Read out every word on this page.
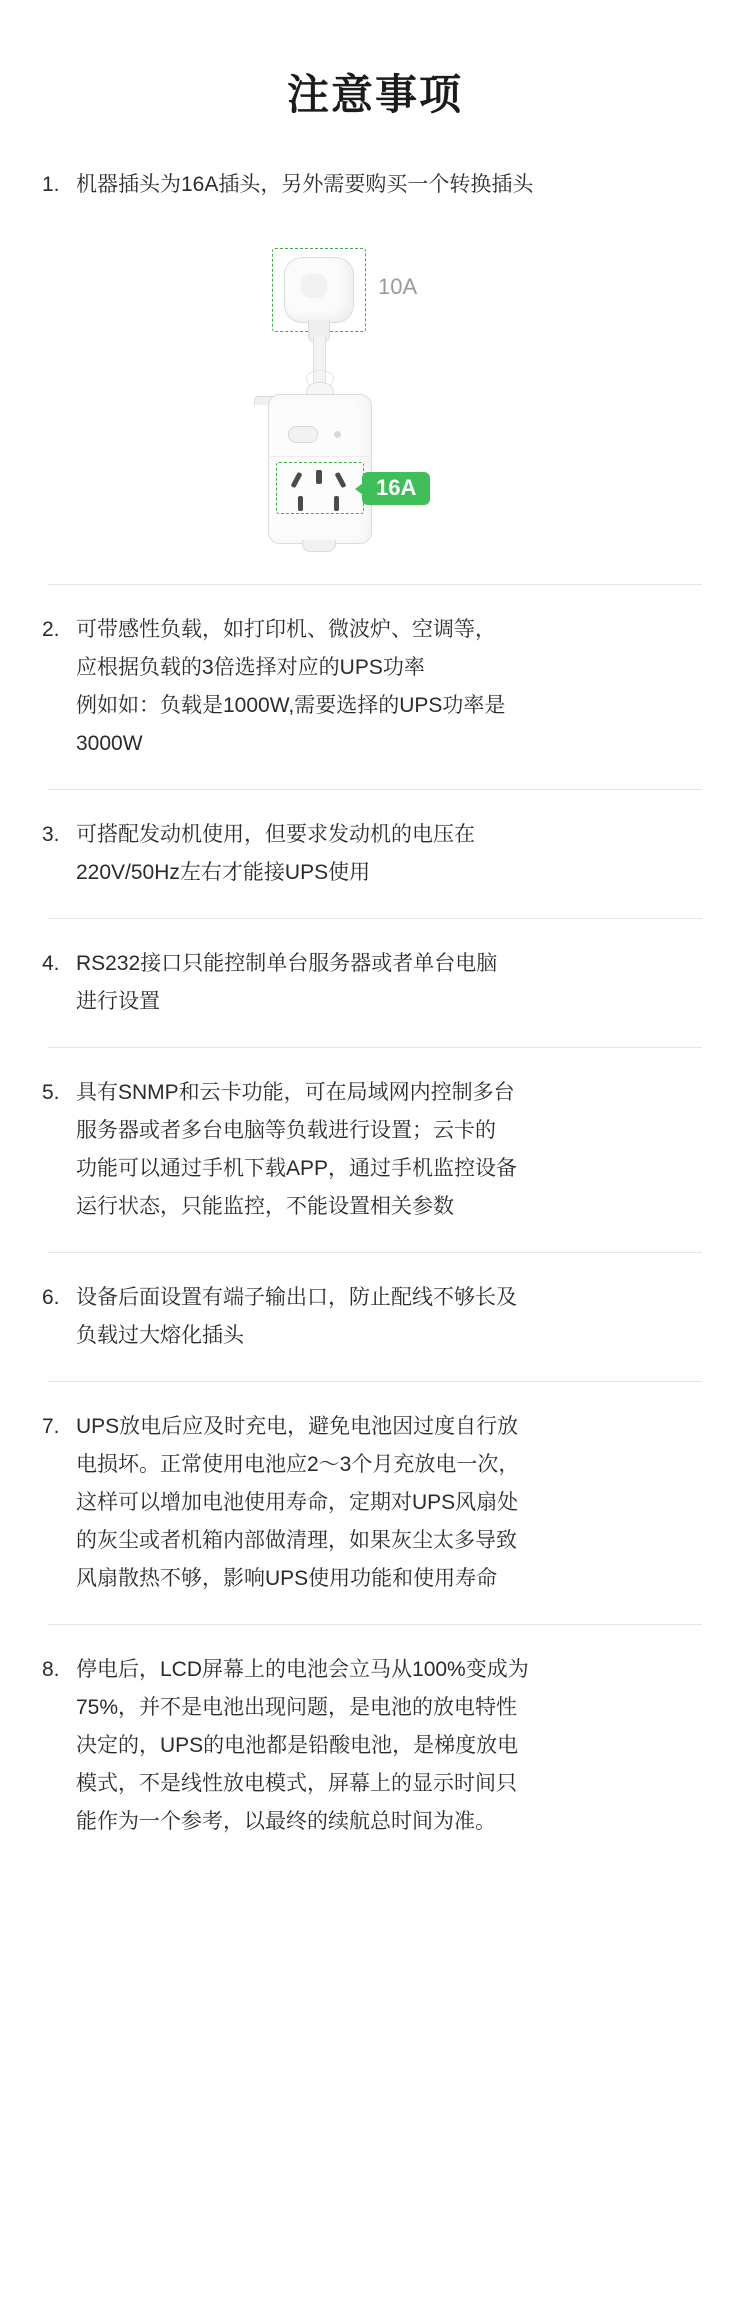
注意事项
1. 机器插头为16A插头，另外需要购买一个转换插头

10A
16A
2. 可带感性负载，如打印机、微波炉、空调等，

应根据负载的3倍选择对应的UPS功率

例如如：负载是1000W,需要选择的UPS功率是

3000W

3. 可搭配发动机使用，但要求发动机的电压在

220V/50Hz左右才能接UPS使用

4. RS232接口只能控制单台服务器或者单台电脑

进行设置

5. 具有SNMP和云卡功能，可在局域网内控制多台

服务器或者多台电脑等负载进行设置；云卡的

功能可以通过手机下载APP，通过手机监控设备

运行状态，只能监控，不能设置相关参数

6. 设备后面设置有端子输出口，防止配线不够长及

负载过大熔化插头

7. UPS放电后应及时充电，避免电池因过度自行放

电损坏。正常使用电池应2～3个月充放电一次，

这样可以增加电池使用寿命，定期对UPS风扇处

的灰尘或者机箱内部做清理，如果灰尘太多导致

风扇散热不够，影响UPS使用功能和使用寿命

8. 停电后，LCD屏幕上的电池会立马从100%变成为

75%，并不是电池出现问题，是电池的放电特性

决定的，UPS的电池都是铅酸电池，是梯度放电

模式，不是线性放电模式，屏幕上的显示时间只

能作为一个参考，以最终的续航总时间为准。
